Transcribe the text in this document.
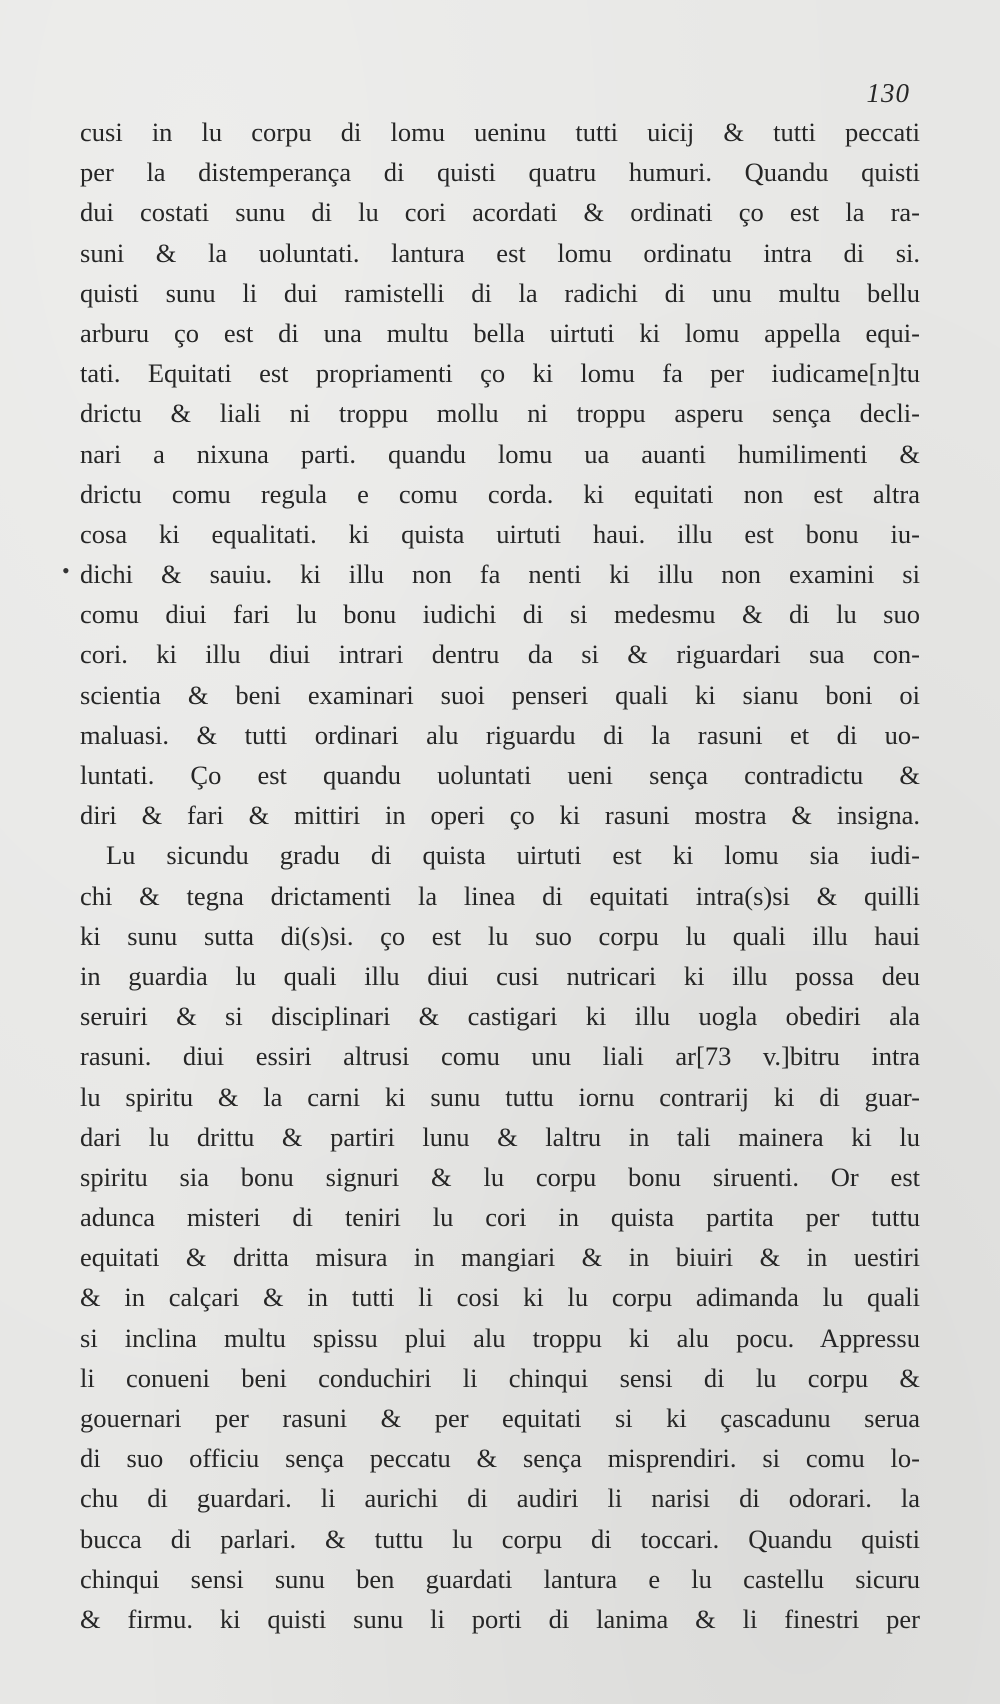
130
•
cusi in lu corpu di lomu ueninu tutti uicij & tutti peccati
per la distemperança di quisti quatru humuri. Quandu quisti
dui costati sunu di lu cori acordati & ordinati ço est la ra-
suni & la uoluntati. lantura est lomu ordinatu intra di si.
quisti sunu li dui ramistelli di la radichi di unu multu bellu
arburu ço est di una multu bella uirtuti ki lomu appella equi-
tati. Equitati est propriamenti ço ki lomu fa per iudicame[n]tu
drictu & liali ni troppu mollu ni troppu asperu sença decli-
nari a nixuna parti. quandu lomu ua auanti humilimenti &
drictu comu regula e comu corda. ki equitati non est altra
cosa ki equalitati. ki quista uirtuti haui. illu est bonu iu-
dichi & sauiu. ki illu non fa nenti ki illu non examini si
comu diui fari lu bonu iudichi di si medesmu & di lu suo
cori. ki illu diui intrari dentru da si & riguardari sua con-
scientia & beni examinari suoi penseri quali ki sianu boni oi
maluasi. & tutti ordinari alu riguardu di la rasuni et di uo-
luntati. Ço est quandu uoluntati ueni sença contradictu &
diri & fari & mittiri in operi ço ki rasuni mostra & insigna.
Lu sicundu gradu di quista uirtuti est ki lomu sia iudi-
chi & tegna drictamenti la linea di equitati intra(s)si & quilli
ki sunu sutta di(s)si. ço est lu suo corpu lu quali illu haui
in guardia lu quali illu diui cusi nutricari ki illu possa deu
seruiri & si disciplinari & castigari ki illu uogla obediri ala
rasuni. diui essiri altrusi comu unu liali ar[73 v.]bitru intra
lu spiritu & la carni ki sunu tuttu iornu contrarij ki di guar-
dari lu drittu & partiri lunu & laltru in tali mainera ki lu
spiritu sia bonu signuri & lu corpu bonu siruenti. Or est
adunca misteri di teniri lu cori in quista partita per tuttu
equitati & dritta misura in mangiari & in biuiri & in uestiri
& in calçari & in tutti li cosi ki lu corpu adimanda lu quali
si inclina multu spissu plui alu troppu ki alu pocu. Appressu
li conueni beni conduchiri li chinqui sensi di lu corpu &
gouernari per rasuni & per equitati si ki çascadunu serua
di suo officiu sença peccatu & sença misprendiri. si comu lo-
chu di guardari. li aurichi di audiri li narisi di odorari. la
bucca di parlari. & tuttu lu corpu di toccari. Quandu quisti
chinqui sensi sunu ben guardati lantura e lu castellu sicuru
& firmu. ki quisti sunu li porti di lanima & li finestri per
